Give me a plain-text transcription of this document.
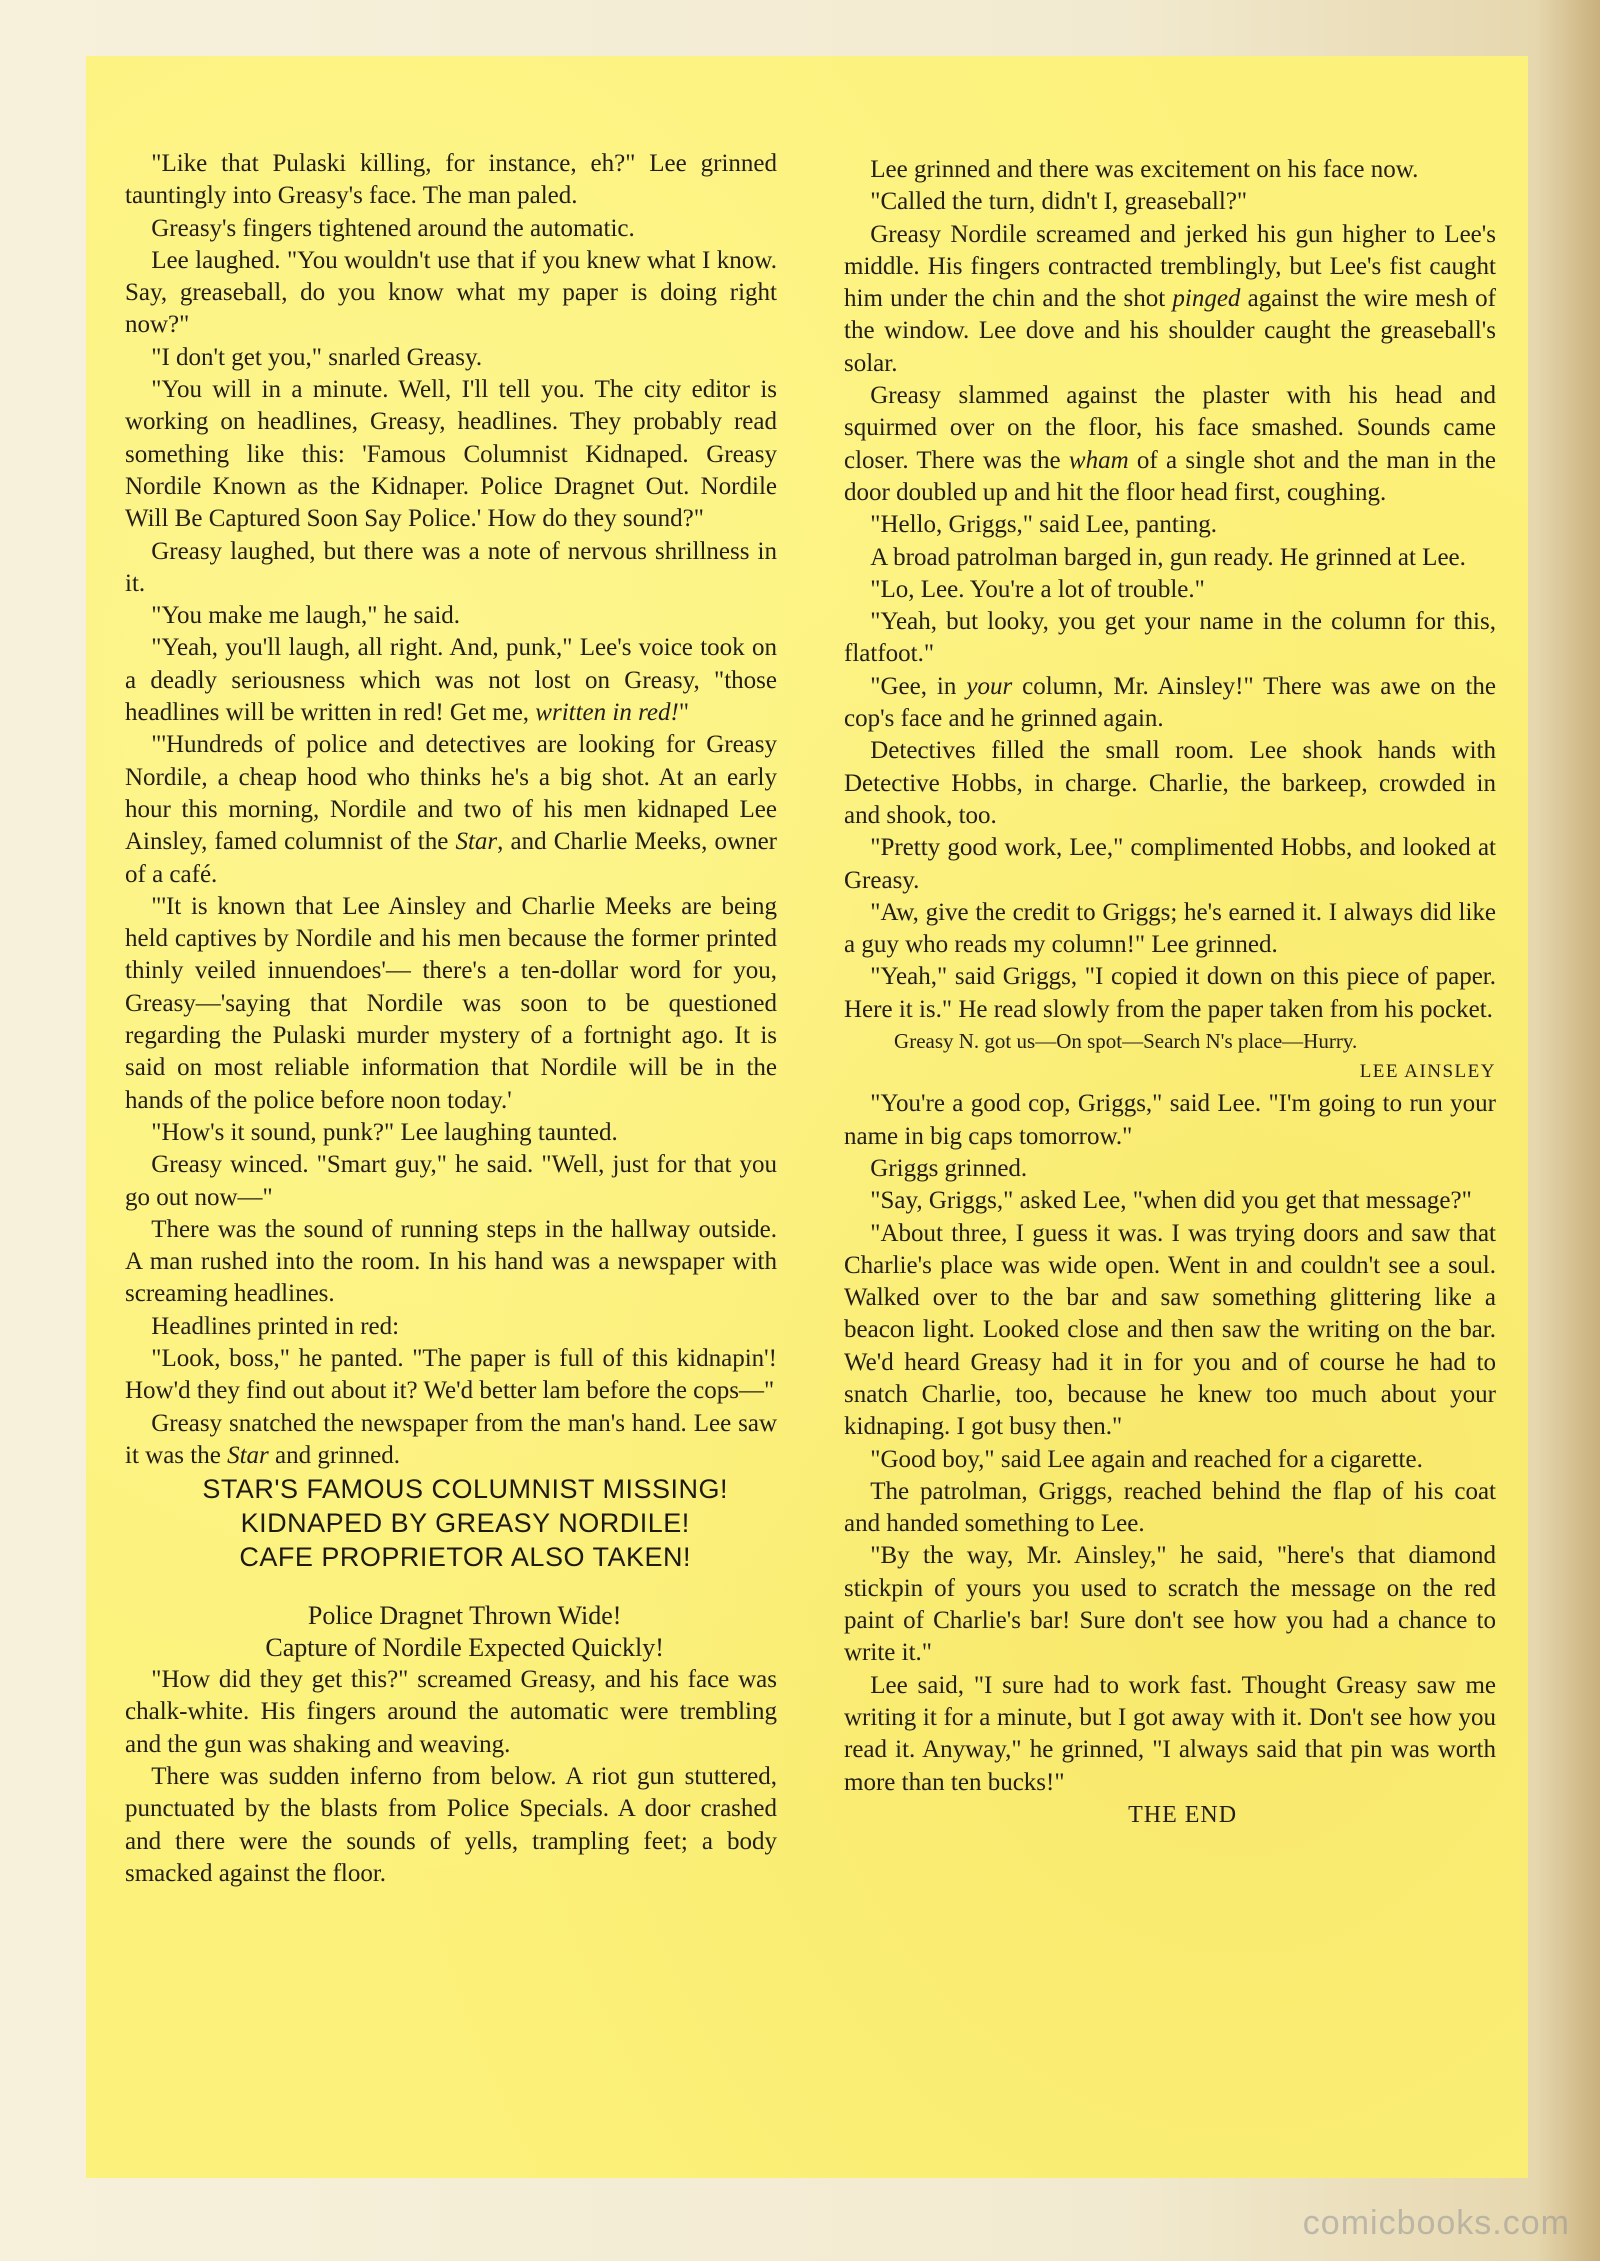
"Like that Pulaski killing, for instance, eh?" Lee grinned tauntingly into Greasy's face. The man paled.

Greasy's fingers tightened around the automatic.

Lee laughed. "You wouldn't use that if you knew what I know. Say, greaseball, do you know what my paper is doing right now?"

"I don't get you," snarled Greasy.

"You will in a minute. Well, I'll tell you. The city editor is working on headlines, Greasy, headlines. They probably read something like this: 'Famous Columnist Kidnaped. Greasy Nordile Known as the Kidnaper. Police Dragnet Out. Nordile Will Be Captured Soon Say Police.' How do they sound?"

Greasy laughed, but there was a note of nervous shrillness in it.

"You make me laugh," he said.

"Yeah, you'll laugh, all right. And, punk," Lee's voice took on a deadly seriousness which was not lost on Greasy, "those headlines will be written in red! Get me, written in red!"

"'Hundreds of police and detectives are looking for Greasy Nordile, a cheap hood who thinks he's a big shot. At an early hour this morning, Nordile and two of his men kidnaped Lee Ainsley, famed columnist of the Star, and Charlie Meeks, owner of a café.

"'It is known that Lee Ainsley and Charlie Meeks are being held captives by Nordile and his men because the former printed thinly veiled innuendoes'— there's a ten-dollar word for you, Greasy—'saying that Nordile was soon to be questioned regarding the Pulaski murder mystery of a fortnight ago. It is said on most reliable information that Nordile will be in the hands of the police before noon today.'

"How's it sound, punk?" Lee laughing taunted.

Greasy winced. "Smart guy," he said. "Well, just for that you go out now—"

There was the sound of running steps in the hallway outside. A man rushed into the room. In his hand was a newspaper with screaming headlines.

Headlines printed in red:

"Look, boss," he panted. "The paper is full of this kidnapin'! How'd they find out about it? We'd better lam before the cops—"

Greasy snatched the newspaper from the man's hand. Lee saw it was the Star and grinned.

STAR'S FAMOUS COLUMNIST MISSING!

KIDNAPED BY GREASY NORDILE!

CAFE PROPRIETOR ALSO TAKEN!

Police Dragnet Thrown Wide!

Capture of Nordile Expected Quickly!

"How did they get this?" screamed Greasy, and his face was chalk-white. His fingers around the automatic were trembling and the gun was shaking and weaving.

There was sudden inferno from below. A riot gun stuttered, punctuated by the blasts from Police Specials. A door crashed and there were the sounds of yells, trampling feet; a body smacked against the floor.

Lee grinned and there was excitement on his face now.

"Called the turn, didn't I, greaseball?"

Greasy Nordile screamed and jerked his gun higher to Lee's middle. His fingers contracted tremblingly, but Lee's fist caught him under the chin and the shot pinged against the wire mesh of the window. Lee dove and his shoulder caught the greaseball's solar.

Greasy slammed against the plaster with his head and squirmed over on the floor, his face smashed. Sounds came closer. There was the wham of a single shot and the man in the door doubled up and hit the floor head first, coughing.

"Hello, Griggs," said Lee, panting.

A broad patrolman barged in, gun ready. He grinned at Lee.

"Lo, Lee. You're a lot of trouble."

"Yeah, but looky, you get your name in the column for this, flatfoot."

"Gee, in your column, Mr. Ainsley!" There was awe on the cop's face and he grinned again.

Detectives filled the small room. Lee shook hands with Detective Hobbs, in charge. Charlie, the barkeep, crowded in and shook, too.

"Pretty good work, Lee," complimented Hobbs, and looked at Greasy.

"Aw, give the credit to Griggs; he's earned it. I always did like a guy who reads my column!" Lee grinned.

"Yeah," said Griggs, "I copied it down on this piece of paper. Here it is." He read slowly from the paper taken from his pocket.

Greasy N. got us—On spot—Search N's place—Hurry.

LEE AINSLEY

"You're a good cop, Griggs," said Lee. "I'm going to run your name in big caps tomorrow."

Griggs grinned.

"Say, Griggs," asked Lee, "when did you get that message?"

"About three, I guess it was. I was trying doors and saw that Charlie's place was wide open. Went in and couldn't see a soul. Walked over to the bar and saw something glittering like a beacon light. Looked close and then saw the writing on the bar. We'd heard Greasy had it in for you and of course he had to snatch Charlie, too, because he knew too much about your kidnaping. I got busy then."

"Good boy," said Lee again and reached for a cigarette.

The patrolman, Griggs, reached behind the flap of his coat and handed something to Lee.

"By the way, Mr. Ainsley," he said, "here's that diamond stickpin of yours you used to scratch the message on the red paint of Charlie's bar! Sure don't see how you had a chance to write it."

Lee said, "I sure had to work fast. Thought Greasy saw me writing it for a minute, but I got away with it. Don't see how you read it. Anyway," he grinned, "I always said that pin was worth more than ten bucks!"

THE END

comicbooks.com
